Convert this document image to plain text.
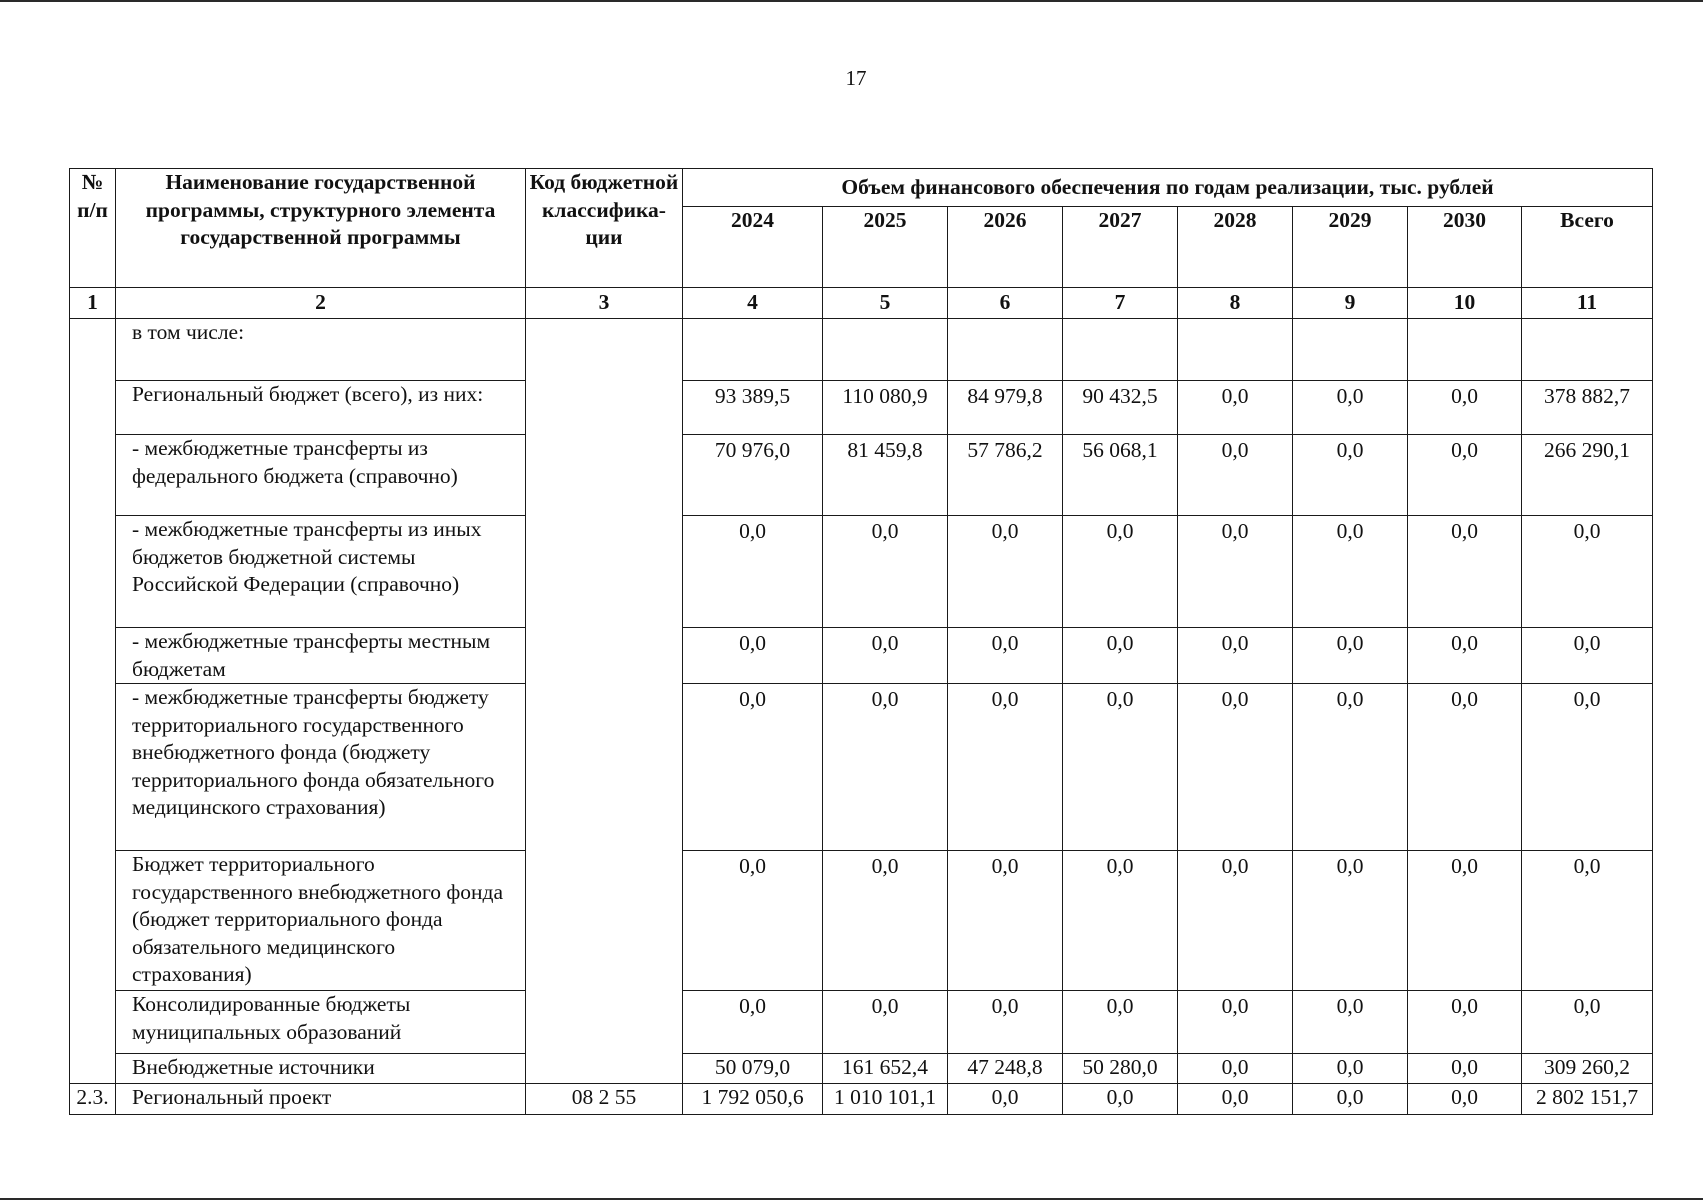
17
№ п/п	Наименование государственной программы, структурного элемента государственной программы	Код бюджетной классифика-ции	Объем финансового обеспечения по годам реализации, тыс. рублей							
			2024	2025	2026	2027	2028	2029	2030	Всего
1	2	3	4	5	6	7	8	9	10	11
	в том числе:									
	Региональный бюджет (всего), из них:		93 389,5	110 080,9	84 979,8	90 432,5	0,0	0,0	0,0	378 882,7
	- межбюджетные трансферты из федерального бюджета (справочно)		70 976,0	81 459,8	57 786,2	56 068,1	0,0	0,0	0,0	266 290,1
	- межбюджетные трансферты из иных бюджетов бюджетной системы Российской Федерации (справочно)		0,0	0,0	0,0	0,0	0,0	0,0	0,0	0,0
	- межбюджетные трансферты местным бюджетам		0,0	0,0	0,0	0,0	0,0	0,0	0,0	0,0
	- межбюджетные трансферты бюджету территориального государственного внебюджетного фонда (бюджету территориального фонда обязательного медицинского страхования)		0,0	0,0	0,0	0,0	0,0	0,0	0,0	0,0
	Бюджет территориального государственного внебюджетного фонда (бюджет территориального фонда обязательного медицинского страхования)		0,0	0,0	0,0	0,0	0,0	0,0	0,0	0,0
	Консолидированные бюджеты муниципальных образований		0,0	0,0	0,0	0,0	0,0	0,0	0,0	0,0
	Внебюджетные источники		50 079,0	161 652,4	47 248,8	50 280,0	0,0	0,0	0,0	309 260,2
2.3.	Региональный проект	08 2 55	1 792 050,6	1 010 101,1	0,0	0,0	0,0	0,0	0,0	2 802 151,7
